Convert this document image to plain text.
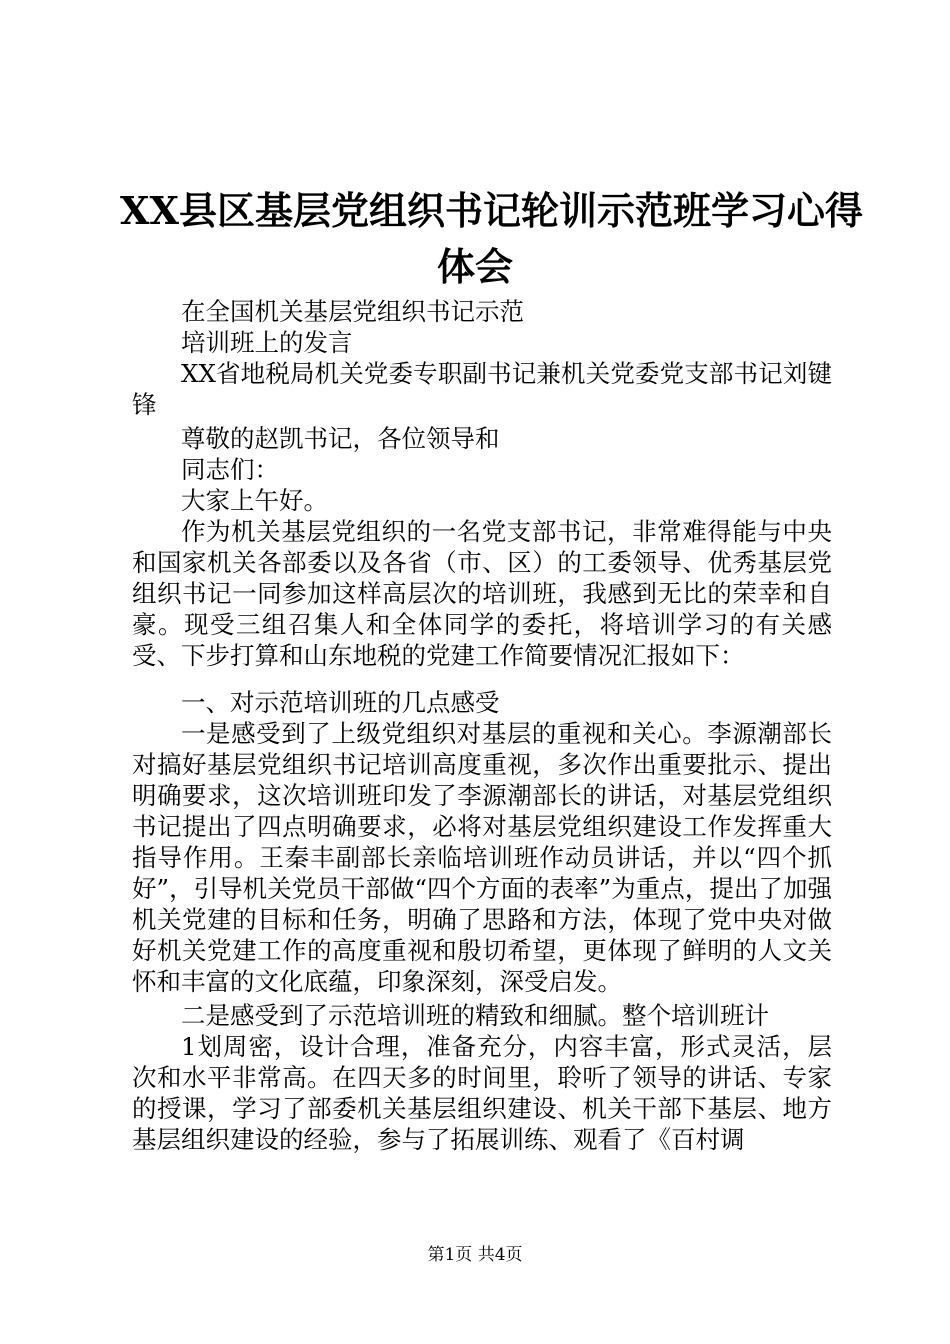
XX县区基层党组织书记轮训示范班学习心得
体会

在全国机关基层党组织书记示范

培训班上的发言

XX省地税局机关党委专职副书记兼机关党委党支部书记刘键锋

尊敬的赵凯书记，各位领导和

同志们：

大家上午好。

作为机关基层党组织的一名党支部书记，非常难得能与中央和国家机关各部委以及各省（市、区）的工委领导、优秀基层党组织书记一同参加这样高层次的培训班，我感到无比的荣幸和自豪。现受三组召集人和全体同学的委托，将培训学习的有关感受、下步打算和山东地税的党建工作简要情况汇报如下：

一、对示范培训班的几点感受

一是感受到了上级党组织对基层的重视和关心。李源潮部长对搞好基层党组织书记培训高度重视，多次作出重要批示、提出明确要求，这次培训班印发了李源潮部长的讲话，对基层党组织书记提出了四点明确要求，必将对基层党组织建设工作发挥重大指导作用。王秦丰副部长亲临培训班作动员讲话，并以“四个抓好”，引导机关党员干部做“四个方面的表率”为重点，提出了加强机关党建的目标和任务，明确了思路和方法，体现了党中央对做好机关党建工作的高度重视和殷切希望，更体现了鲜明的人文关怀和丰富的文化底蕴，印象深刻，深受启发。

二是感受到了示范培训班的精致和细腻。整个培训班计

1划周密，设计合理，准备充分，内容丰富，形式灵活，层次和水平非常高。在四天多的时间里，聆听了领导的讲话、专家的授课，学习了部委机关基层组织建设、机关干部下基层、地方基层组织建设的经验，参与了拓展训练、观看了《百村调

第1页 共4页
